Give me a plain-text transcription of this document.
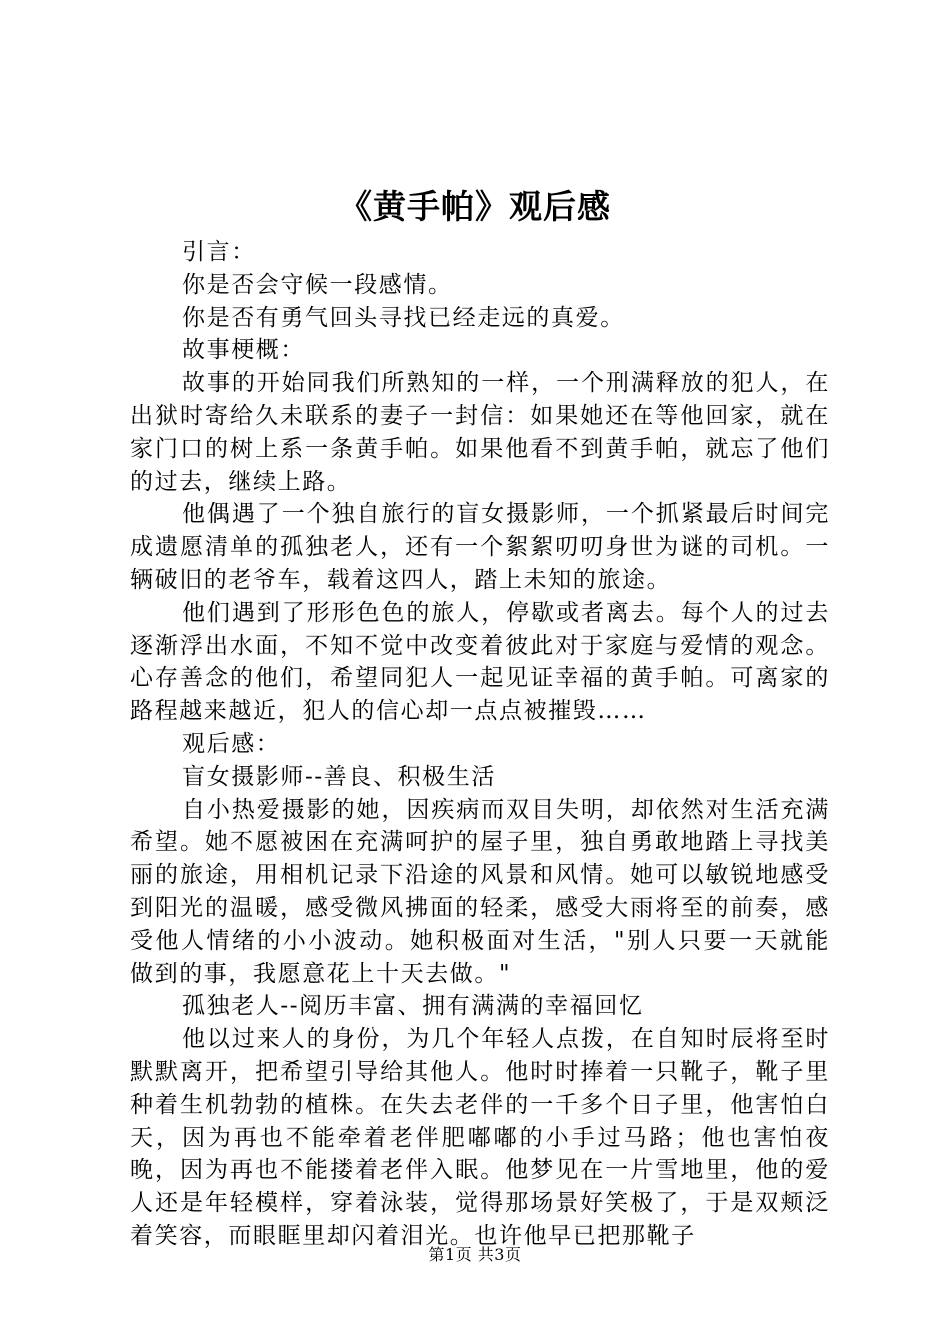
《黄手帕》观后感

引言：

你是否会守候一段感情。

你是否有勇气回头寻找已经走远的真爱。

故事梗概：

故事的开始同我们所熟知的一样，一个刑满释放的犯人，在出狱时寄给久未联系的妻子一封信：如果她还在等他回家，就在家门口的树上系一条黄手帕。如果他看不到黄手帕，就忘了他们的过去，继续上路。

他偶遇了一个独自旅行的盲女摄影师，一个抓紧最后时间完成遗愿清单的孤独老人，还有一个絮絮叨叨身世为谜的司机。一辆破旧的老爷车，载着这四人，踏上未知的旅途。

他们遇到了形形色色的旅人，停歇或者离去。每个人的过去逐渐浮出水面，不知不觉中改变着彼此对于家庭与爱情的观念。心存善念的他们，希望同犯人一起见证幸福的黄手帕。可离家的路程越来越近，犯人的信心却一点点被摧毁……

观后感：

盲女摄影师--善良、积极生活

自小热爱摄影的她，因疾病而双目失明，却依然对生活充满希望。她不愿被困在充满呵护的屋子里，独自勇敢地踏上寻找美丽的旅途，用相机记录下沿途的风景和风情。她可以敏锐地感受到阳光的温暖，感受微风拂面的轻柔，感受大雨将至的前奏，感受他人情绪的小小波动。她积极面对生活，"别人只要一天就能做到的事，我愿意花上十天去做。"

孤独老人--阅历丰富、拥有满满的幸福回忆

他以过来人的身份，为几个年轻人点拨，在自知时辰将至时默默离开，把希望引导给其他人。他时时捧着一只靴子，靴子里种着生机勃勃的植株。在失去老伴的一千多个日子里，他害怕白天，因为再也不能牵着老伴肥嘟嘟的小手过马路；他也害怕夜晚，因为再也不能搂着老伴入眠。他梦见在一片雪地里，他的爱人还是年轻模样，穿着泳装，觉得那场景好笑极了，于是双颊泛着笑容，而眼眶里却闪着泪光。也许他早已把那靴子

第1页 共3页
